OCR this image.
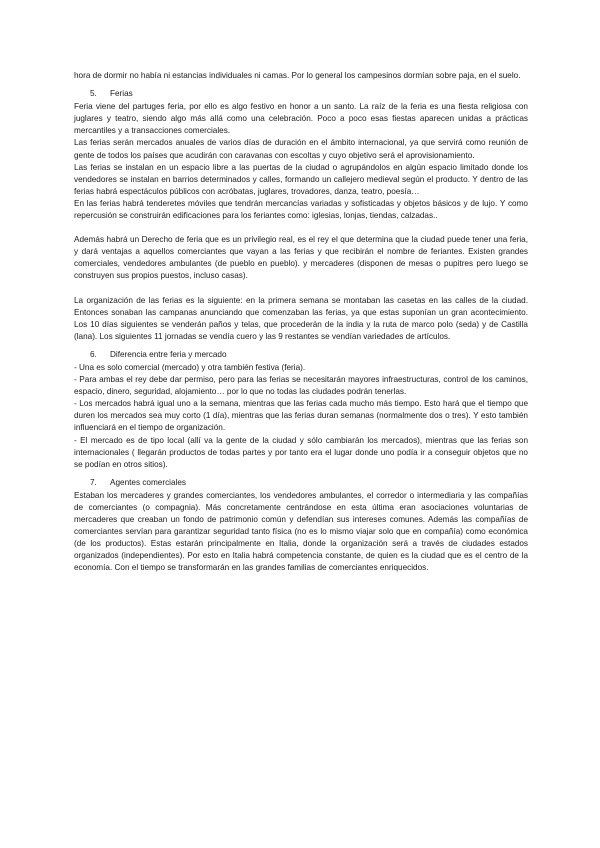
hora de dormir no había ni estancias individuales ni camas. Por lo general los campesinos dormían sobre paja, en el suelo.

5.	Ferias

Feria viene del partuges feria, por ello es algo festivo en honor a un santo. La raíz de la feria es una fiesta religiosa con juglares y teatro, siendo algo más allá como una celebración. Poco a poco esas fiestas aparecen unidas a prácticas mercantiles y a transacciones comerciales.

Las ferias serán mercados anuales de varios días de duración en el ámbito internacional, ya que servirá como reunión de gente de todos los países que acudirán con caravanas con escoltas y cuyo objetivo será el aprovisionamiento.

Las ferias se instalan en un espacio libre a las puertas de la ciudad o agrupándolos en algún espacio limitado donde los vendedores se instalan en barrios determinados y calles, formando un callejero medieval según el producto. Y dentro de las ferias habrá espectáculos públicos con acróbatas, juglares, trovadores, danza, teatro, poesía…

En las ferias habrá tenderetes móviles que tendrán mercancías variadas y sofisticadas y objetos básicos y de lujo. Y como repercusión se construirán edificaciones para los feriantes como: iglesias, lonjas, tiendas, calzadas..

Además habrá un Derecho de feria que es un privilegio real, es el rey el que determina que la ciudad puede tener una feria, y dará ventajas a aquellos comerciantes que vayan a las ferias y que recibirán el nombre de feriantes. Existen grandes comerciales, vendedores ambulantes (de pueblo en pueblo). y mercaderes (disponen de mesas o pupitres pero luego se construyen sus propios puestos, incluso casas).

La organización de las ferias es la siguiente: en la primera semana se montaban las casetas en las calles de la ciudad. Entonces sonaban las campanas anunciando que comenzaban las ferias, ya que estas suponían un gran acontecimiento. Los 10 días siguientes se venderán paños y telas, que procederán de la india y la ruta de marco polo (seda) y de Castilla (lana). Los siguientes 11 jornadas se vendía cuero y las 9 restantes se vendían variedades de artículos.

6.	Diferencia entre feria y mercado

- Una es solo comercial (mercado) y otra también festiva (feria).

- Para ambas el rey debe dar permiso, pero para las ferias se necesitarán mayores infraestructuras, control de los caminos, espacio, dinero, seguridad, alojamiento… por lo que no todas las ciudades podrán tenerlas.

- Los mercados habrá igual uno a la semana, mientras que las ferias cada mucho más tiempo. Esto hará que el tiempo que duren los mercados sea muy corto (1 día), mientras que las ferias duran semanas (normalmente dos o tres). Y esto también influenciará en el tiempo de organización.

- El mercado es de tipo local (allí va la gente de la ciudad y sólo cambiarán los mercados), mientras que las ferias son internacionales ( llegarán productos de todas partes y por tanto era el lugar donde uno podía ir a conseguir objetos que no se podían en otros sitios).

7.	Agentes comerciales

Estaban los mercaderes y grandes comerciantes, los vendedores ambulantes, el corredor o intermediaria y las compañías de comerciantes (o compagnia). Más concretamente centrándose en esta última eran asociaciones voluntarias de mercaderes que creaban un fondo de patrimonio común y defendían sus intereses comunes. Además las compañías de comerciantes servían para garantizar seguridad tanto física (no es lo mismo viajar solo que en compañía) como económica (de los productos). Estas estarán principalmente en Italia, donde la organización será a través de ciudades estados organizados (independientes). Por esto en Italia habrá competencia constante, de quien es la ciudad que es el centro de la economía. Con el tiempo se transformarán en las grandes familias de comerciantes enriquecidos.
